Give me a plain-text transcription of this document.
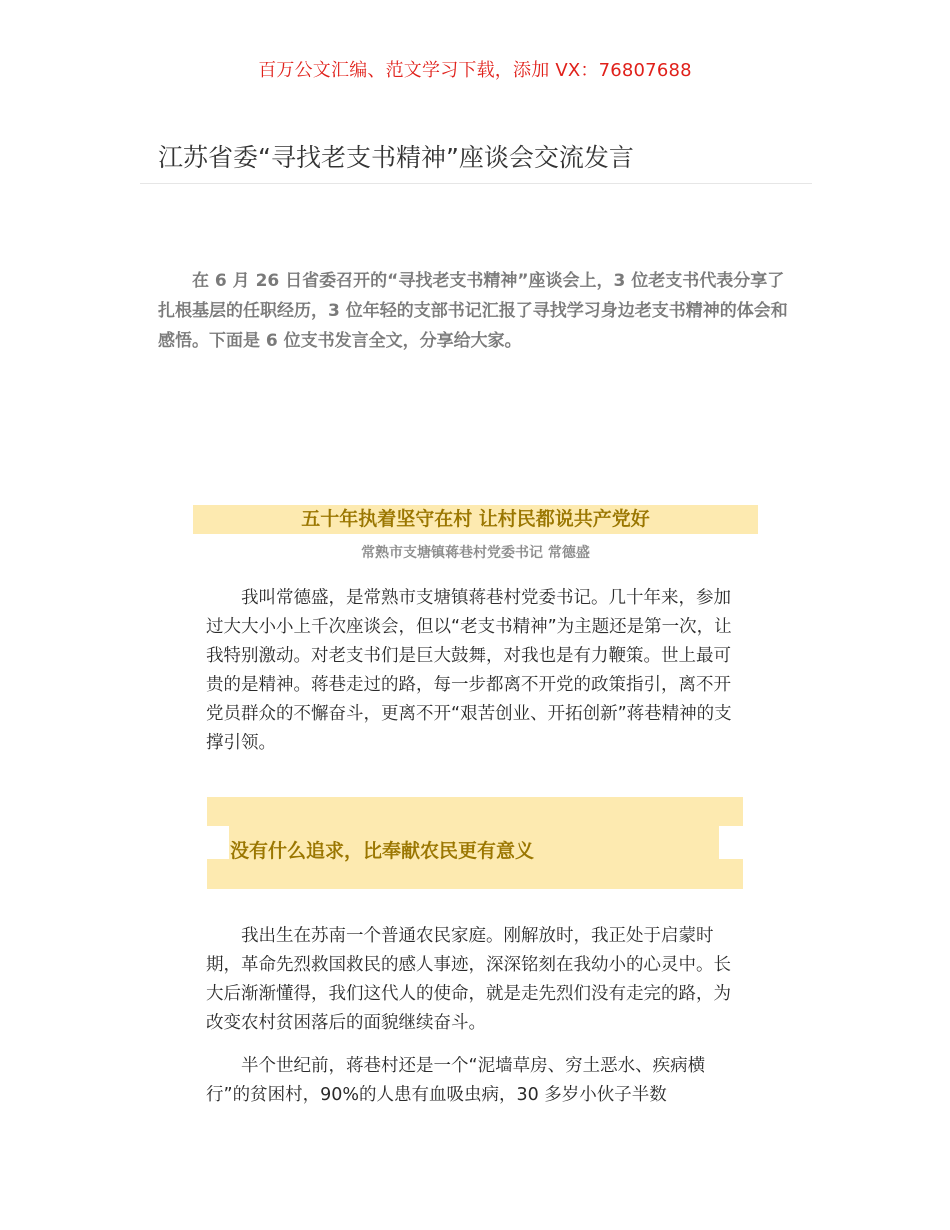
百万公文汇编、范文学习下载，添加 VX：76807688
江苏省委“寻找老支书精神”座谈会交流发言

在 6 月 26 日省委召开的“寻找老支书精神”座谈会上，3 位老支书代表分享了扎根基层的任职经历，3 位年轻的支部书记汇报了寻找学习身边老支书精神的体会和感悟。下面是 6 位支书发言全文，分享给大家。

五十年执着坚守在村 让村民都说共产党好
常熟市支塘镇蒋巷村党委书记 常德盛

我叫常德盛，是常熟市支塘镇蒋巷村党委书记。几十年来，参加过大大小小上千次座谈会，但以“老支书精神”为主题还是第一次，让我特别激动。对老支书们是巨大鼓舞，对我也是有力鞭策。世上最可贵的是精神。蒋巷走过的路，每一步都离不开党的政策指引，离不开党员群众的不懈奋斗，更离不开“艰苦创业、开拓创新”蒋巷精神的支撑引领。

没有什么追求，比奉献农民更有意义

我出生在苏南一个普通农民家庭。刚解放时，我正处于启蒙时期，革命先烈救国救民的感人事迹，深深铭刻在我幼小的心灵中。长大后渐渐懂得，我们这代人的使命，就是走先烈们没有走完的路，为改变农村贫困落后的面貌继续奋斗。

半个世纪前，蒋巷村还是一个“泥墙草房、穷土恶水、疾病横行”的贫困村，90%的人患有血吸虫病，30 多岁小伙子半数
